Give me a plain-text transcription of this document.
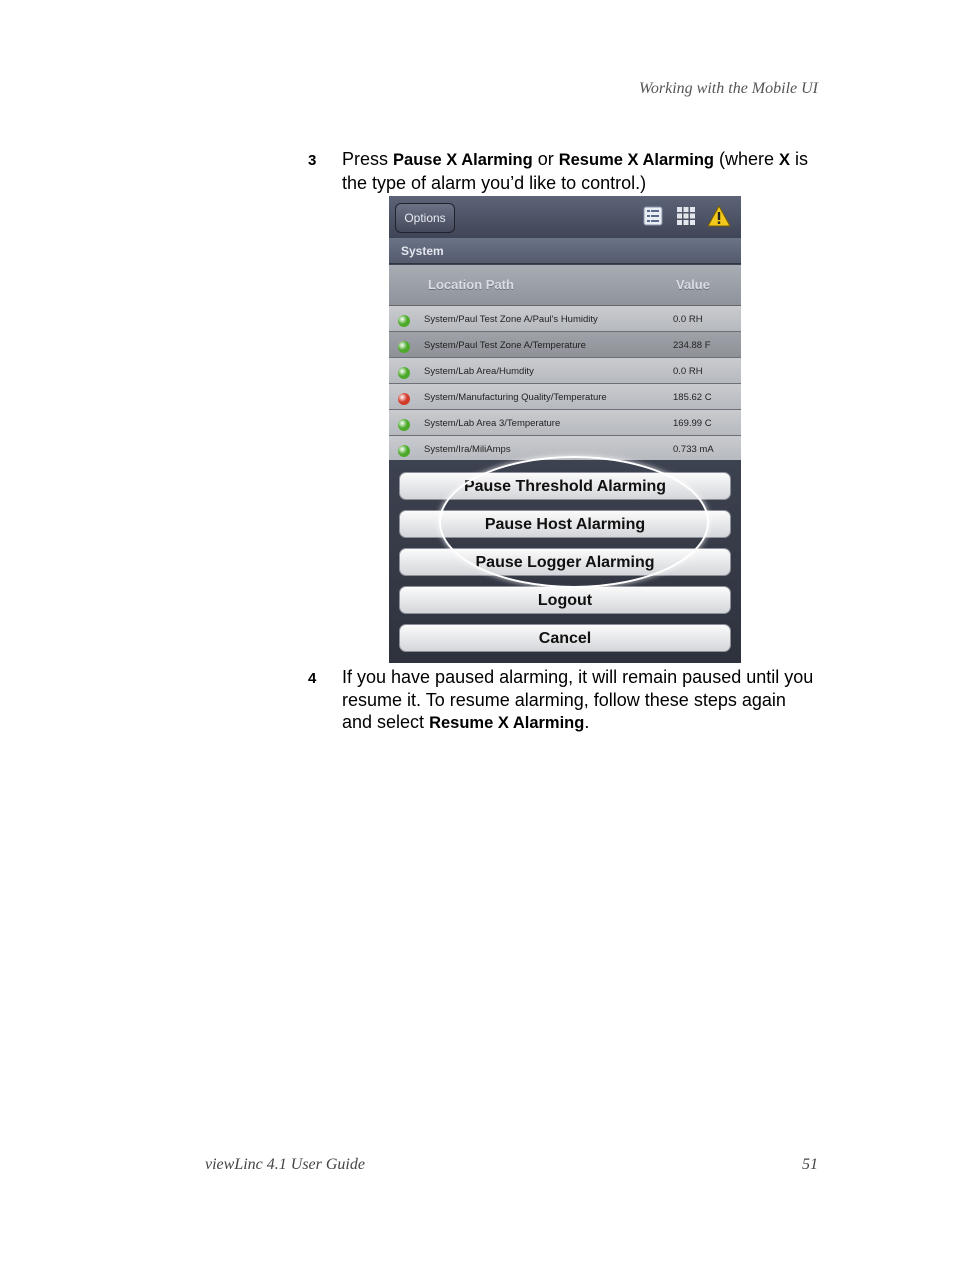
Working with the Mobile UI
3 Press Pause X Alarming or Resume X Alarming (where X is the type of alarm you’d like to control.)
Options
System
Location Path	Value
System/Paul Test Zone A/Paul's Humidity	0.0 RH
System/Paul Test Zone A/Temperature	234.88 F
System/Lab Area/Humdity	0.0 RH
System/Manufacturing Quality/Temperature	185.62 C
System/Lab Area 3/Temperature	169.99 C
System/Ira/MiliAmps	0.733 mA
Pause Threshold Alarming
Pause Host Alarming
Pause Logger Alarming
Logout
Cancel
4 If you have paused alarming, it will remain paused until you resume it. To resume alarming, follow these steps again and select Resume X Alarming.
viewLinc 4.1 User Guide	51
